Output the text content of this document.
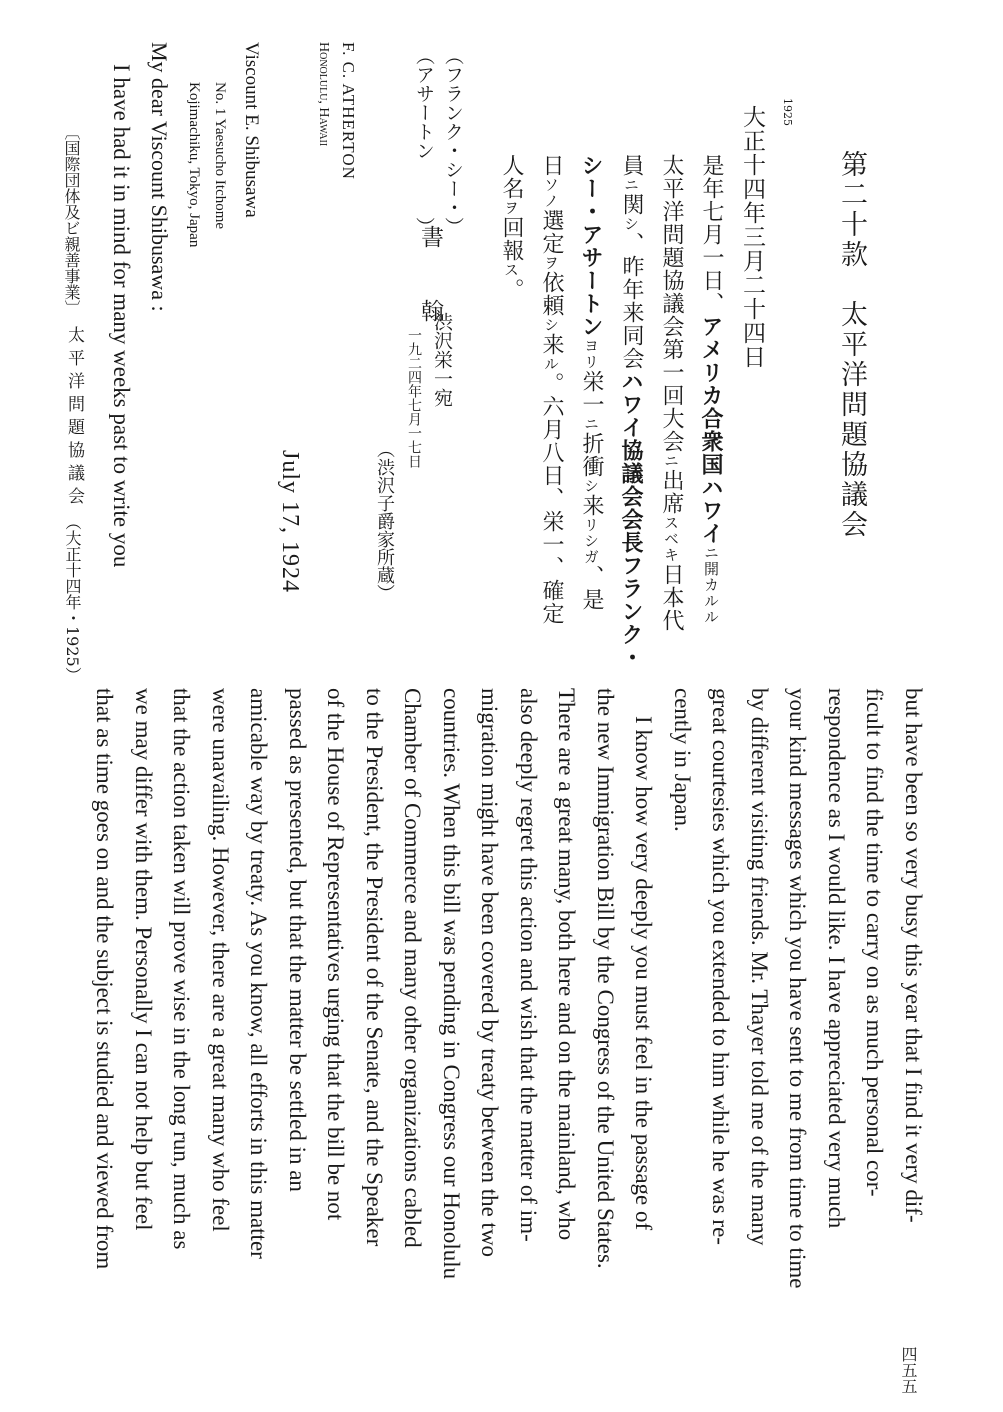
第二十款　太平洋問題協議会
1925
大正十四年三月二十四日
是年七月一日、アメリカ合衆国ハワイニ開カルル
太平洋問題協議会第一回大会ニ出席スベキ日本代
員ニ関シ、昨年来同会ハワイ協議会会長フランク・
シー・アサートンヨリ栄一ニ折衝シ来リシガ、是
日ソノ選定ヲ依頼シ来ル。六月八日、栄一、確定
人名ヲ回報ス。
（フランク・シー・）
（アサートン　　　）
書　翰
渋沢栄一宛
一九二四年七月一七日
（渋沢子爵家所蔵）
F. C. ATHERTON
Honolulu, Hawaii
July 17, 1924
Viscount E. Shibusawa
No. 1 Yaesucho Itchome
Kojimachiku, Tokyo, Japan
My dear Viscount Shibusawa :
I have had it in mind for many weeks past to write you
〔国際団体及ビ親善事業〕
太平洋問題協議会
（大正十四年・1925）
but have been so very busy this year that I find it very dif-
ficult to find the time to carry on as much personal cor-
respondence as I would like. I have appreciated very much
your kind messages which you have sent to me from time to time
by different visiting friends. Mr. Thayer told me of the many
great courtesies which you extended to him while he was re-
cently in Japan.
I know how very deeply you must feel in the passage of
the new Immigration Bill by the Congress of the United States.
There are a great many, both here and on the mainland, who
also deeply regret this action and wish that the matter of im-
migration might have been covered by treaty between the two
countries. When this bill was pending in Congress our Honolulu
Chamber of Commerce and many other organizations cabled
to the President, the President of the Senate, and the Speaker
of the House of Representatives urging that the bill be not
passed as presented, but that the matter be settled in an
amicable way by treaty. As you know, all efforts in this matter
were unavailing. However, there are a great many who feel
that the action taken will prove wise in the long run, much as
we may differ with them. Personally I can not help but feel
that as time goes on and the subject is studied and viewed from
四五五
